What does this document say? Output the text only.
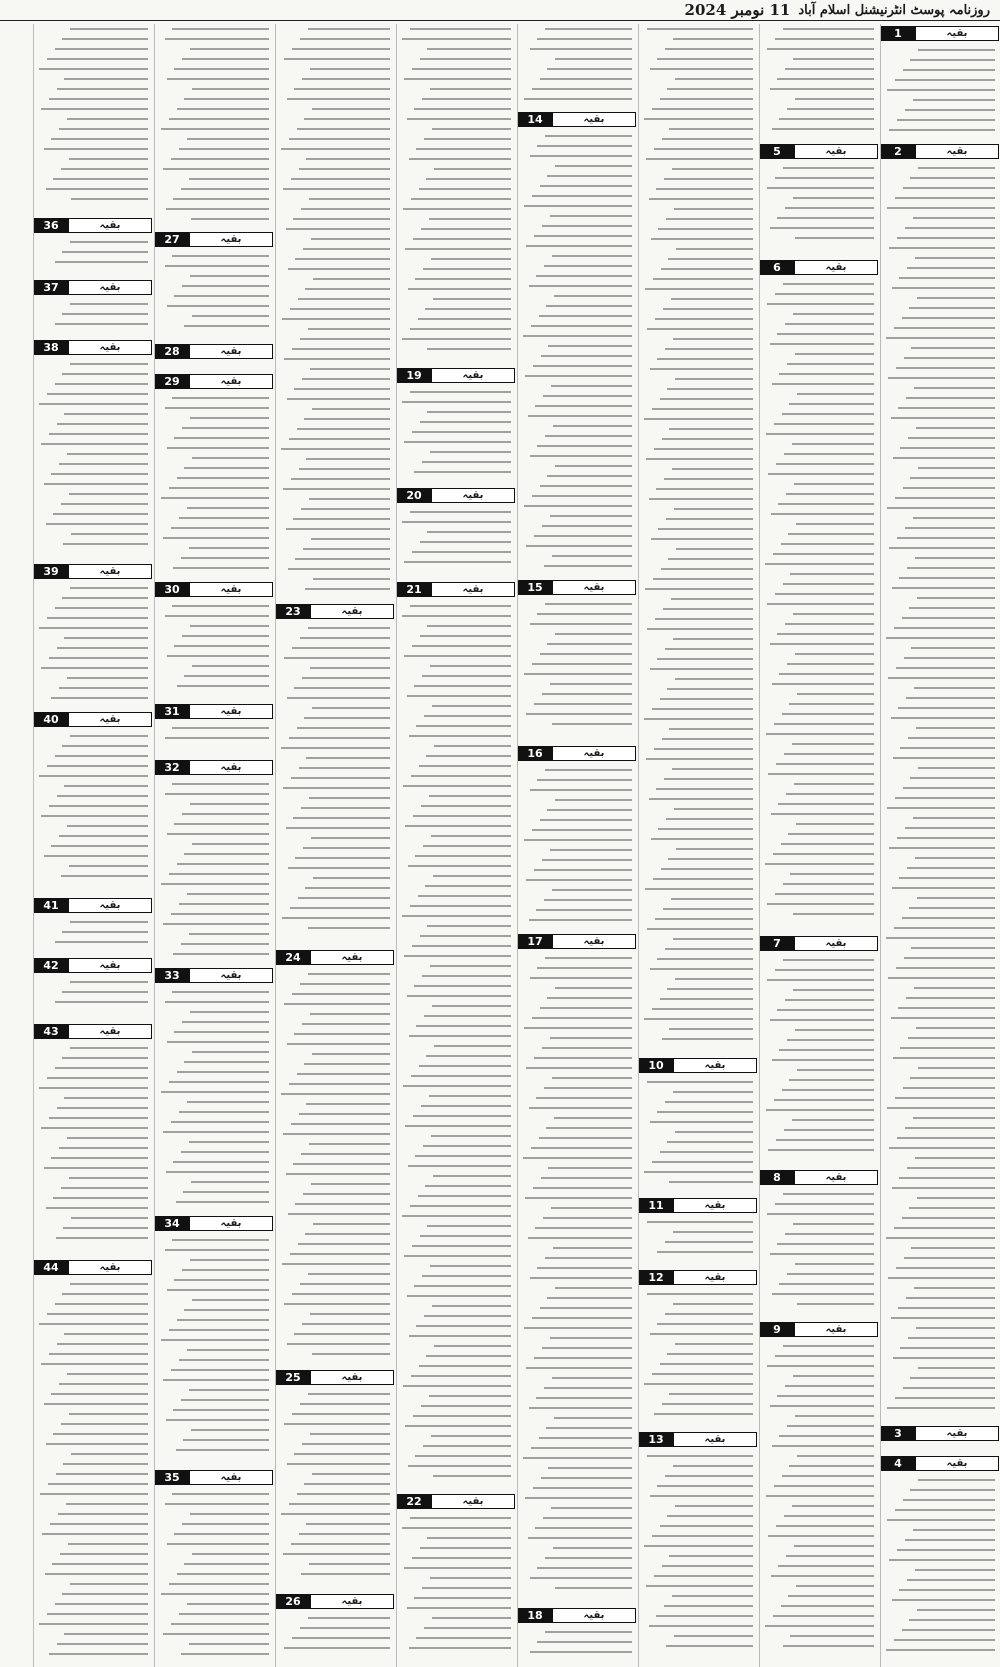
روزنامہ پوسٹ انٹرنیشنل اسلام آباد
11 نومبر 2024
1	بقیہ
2	بقیہ
3	بقیہ
4	بقیہ
5	بقیہ
6	بقیہ
7	بقیہ
8	بقیہ
9	بقیہ
10	بقیہ
11	بقیہ
12	بقیہ
13	بقیہ
14	بقیہ
15	بقیہ
16	بقیہ
17	بقیہ
18	بقیہ
19	بقیہ
20	بقیہ
21	بقیہ
22	بقیہ
23	بقیہ
24	بقیہ
25	بقیہ
26	بقیہ
27	بقیہ
28	بقیہ
29	بقیہ
30	بقیہ
31	بقیہ
32	بقیہ
33	بقیہ
34	بقیہ
35	بقیہ
36	بقیہ
37	بقیہ
38	بقیہ
39	بقیہ
40	بقیہ
41	بقیہ
42	بقیہ
43	بقیہ
44	بقیہ
